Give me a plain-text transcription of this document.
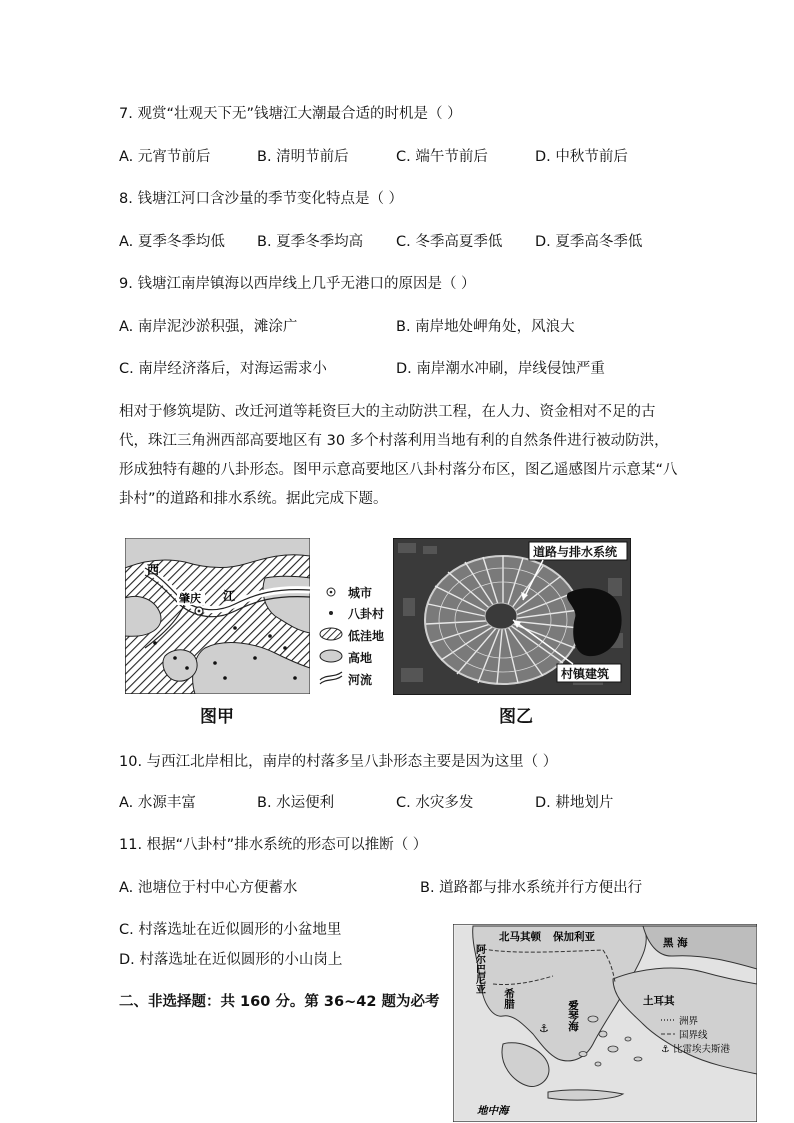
7. 观赏“壮观天下无”钱塘江大潮最合适的时机是（ ）
A. 元宵节前后	B. 清明节前后	C. 端午节前后	D. 中秋节前后
8. 钱塘江河口含沙量的季节变化特点是（ ）
A. 夏季冬季均低 B. 夏季冬季均高 C. 冬季高夏季低 D. 夏季高冬季低
9. 钱塘江南岸镇海以西岸线上几乎无港口的原因是（ ）
A. 南岸泥沙淤积强，滩涂广	B. 南岸地处岬角处，风浪大
C. 南岸经济落后，对海运需求小	D. 南岸潮水冲刷，岸线侵蚀严重
相对于修筑堤防、改迁河道等耗资巨大的主动防洪工程，在人力、资金相对不足的古代，珠江三角洲西部高要地区有 30 多个村落利用当地有利的自然条件进行被动防洪，形成独特有趣的八卦形态。图甲示意高要地区八卦村落分布区，图乙遥感图片示意某“八卦村”的道路和排水系统。据此完成下题。
西
江
肇庆	城市
八卦村
低洼地
高地
河流
道路与排水系统
村镇建筑
图甲	图乙
10. 与西江北岸相比，南岸的村落多呈八卦形态主要是因为这里（ ）
A. 水源丰富	B. 水运便利	C. 水灾多发	D. 耕地划片
11. 根据“八卦村”排水系统的形态可以推断（ ）
A. 池塘位于村中心方便蓄水	B. 道路都与排水系统并行方便出行
C. 村落选址在近似圆形的小盆地里
D. 村落选址在近似圆形的小山岗上
二、非选择题：共 160 分。第 36~42 题为必考
⚓
阿尔巴尼亚
北马其顿 保加利亚	黑 海
土耳其
希腊
爱琴海
地中海
洲界
国界线
⚓ 比雷埃夫斯港
